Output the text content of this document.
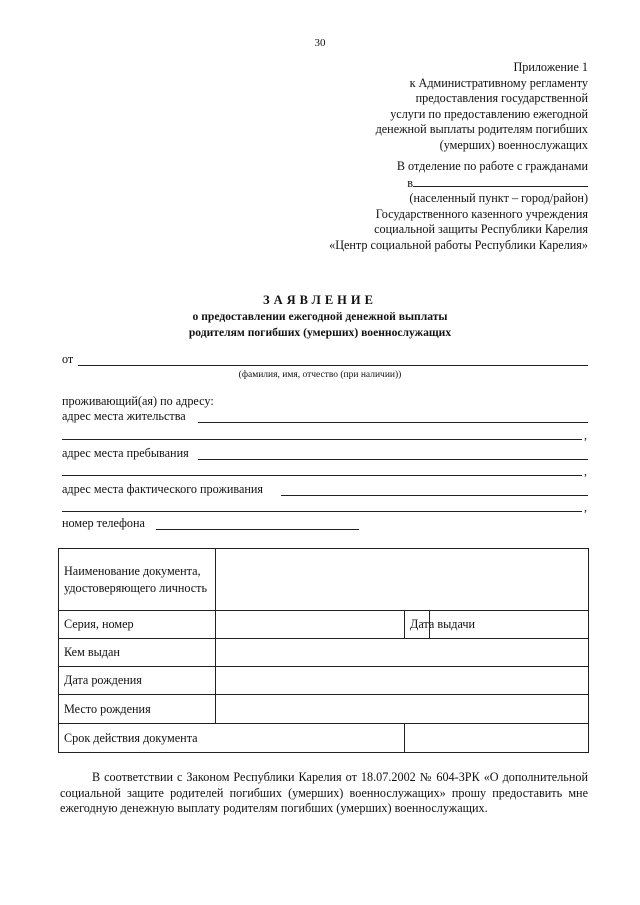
30
Приложение 1
к Административному регламенту
предоставления государственной
услуги по предоставлению ежегодной
денежной выплаты родителям погибших
(умерших) военнослужащих
В отделение по работе с гражданами
в
(населенный пункт – город/район)
Государственного казенного учреждения
социальной защиты Республики Карелия
«Центр социальной работы Республики Карелия»
ЗАЯВЛЕНИЕ
о предоставлении ежегодной денежной выплаты
родителям погибших (умерших) военнослужащих
от
(фамилия, имя, отчество (при наличии))
проживающий(ая) по адресу:
адрес места жительства
,
адрес места пребывания
,
адрес места фактического проживания
,
номер телефона
Наименование документа, удостоверяющего личность			
Серия, номер		Дата выдачи	
Кем выдан			
Дата рождения			
Место рождения			
Срок действия документа			

В соответствии с Законом Республики Карелия от 18.07.2002 № 604-ЗРК «О дополнительной социальной защите родителей погибших (умерших) военнослужащих» прошу предоставить мне ежегодную денежную выплату родителям погибших (умерших) военнослужащих.
